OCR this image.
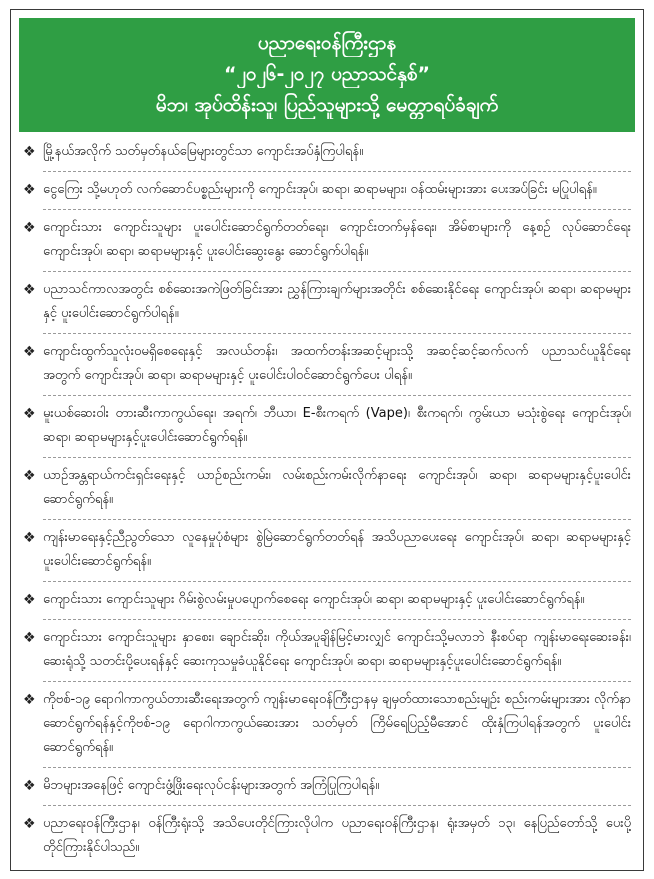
ပညာရေးဝန်ကြီးဌာန
“၂၀၂၆-၂၀၂၇ ပညာသင်နှစ်”
မိဘ၊ အုပ်ထိန်းသူ၊ ပြည်သူများသို့ မေတ္တာရပ်ခံချက်
❖ မြို့နယ်အလိုက် သတ်မှတ်နယ်မြေများတွင်သာ ကျောင်းအပ်နှံကြပါရန်။
❖ ငွေကြေး သို့မဟုတ် လက်ဆောင်ပစ္စည်းများကို ကျောင်းအုပ်၊ ဆရာ၊ ဆရာမများ၊ ဝန်ထမ်းများအား ပေးအပ်ခြင်း မပြုပါရန်။
❖ ကျောင်းသား ကျောင်းသူများ ပူးပေါင်းဆောင်ရွက်တတ်ရေး၊ ကျောင်းတက်မှန်ရေး၊ အိမ်စာများကို နေ့စဉ် လုပ်ဆောင်ရေး ကျောင်းအုပ်၊ ဆရာ၊ ဆရာမများနှင့် ပူးပေါင်းဆွေးနွေး ဆောင်ရွက်ပါရန်။
❖ ပညာသင်ကာလအတွင်း စစ်ဆေးအကဲဖြတ်ခြင်းအား ညွှန်ကြားချက်များအတိုင်း စစ်ဆေးနိုင်ရေး ကျောင်းအုပ်၊ ဆရာ၊ ဆရာမများနှင့် ပူးပေါင်းဆောင်ရွက်ပါရန်။
❖ ကျောင်းထွက်သူလုံးဝမရှိစေရေးနှင့် အလယ်တန်း၊ အထက်တန်းအဆင့်များသို့ အဆင့်ဆင့်ဆက်လက် ပညာသင်ယူနိုင်ရေးအတွက် ကျောင်းအုပ်၊ ဆရာ၊ ဆရာမများနှင့် ပူးပေါင်းပါဝင်ဆောင်ရွက်ပေး ပါရန်။
❖ မူးယစ်ဆေးဝါး တားဆီးကာကွယ်ရေး၊ အရက်၊ ဘီယာ၊ E-စီးကရက် (Vape)၊ စီးကရက်၊ ကွမ်းယာ မသုံးစွဲရေး ကျောင်းအုပ်၊ ဆရာ၊ ဆရာမများနှင့်ပူးပေါင်းဆောင်ရွက်ရန်။
❖ ယာဉ်အန္တရာယ်ကင်းရှင်းရေးနှင့် ယာဉ်စည်းကမ်း၊ လမ်းစည်းကမ်းလိုက်နာရေး ကျောင်းအုပ်၊ ဆရာ၊ ဆရာမများနှင့်ပူးပေါင်းဆောင်ရွက်ရန်။
❖ ကျန်းမာရေးနှင့်ညီညွတ်သော လူနေမှုပုံစံများ စွဲမြဲဆောင်ရွက်တတ်ရန် အသိပညာပေးရေး ကျောင်းအုပ်၊ ဆရာ၊ ဆရာမများနှင့်ပူးပေါင်းဆောင်ရွက်ရန်။
❖ ကျောင်းသား ကျောင်းသူများ ဂိမ်းစွဲလမ်းမှုပပျောက်စေရေး ကျောင်းအုပ်၊ ဆရာ၊ ဆရာမများနှင့် ပူးပေါင်းဆောင်ရွက်ရန်။
❖ ကျောင်းသား ကျောင်းသူများ နှာစေး၊ ချောင်းဆိုး၊ ကိုယ်အပူချိန်မြင့်မားလျှင် ကျောင်းသို့မလာဘဲ နီးစပ်ရာ ကျန်းမာရေးဆေးခန်း၊ ဆေးရုံသို့ သတင်းပို့ပေးရန်နှင့် ဆေးကုသမှုခံယူနိုင်ရေး ကျောင်းအုပ်၊ ဆရာ၊ ဆရာမများနှင့်ပူးပေါင်းဆောင်ရွက်ရန်။
❖ ကိုဗစ်-၁၉ ရောဂါကာကွယ်တားဆီးရေးအတွက် ကျန်းမာရေးဝန်ကြီးဌာနမှ ချမှတ်ထားသောစည်းမျဉ်း စည်းကမ်းများအား လိုက်နာဆောင်ရွက်ရန်နှင့်ကိုဗစ်-၁၉ ရောဂါကာကွယ်ဆေးအား သတ်မှတ် ကြိမ်ရေပြည့်မီအောင် ထိုးနှံကြပါရန်အတွက် ပူးပေါင်းဆောင်ရွက်ရန်။
❖ မိဘများအနေဖြင့် ကျောင်းဖွံ့ဖြိုးရေးလုပ်ငန်းများအတွက် အကြံပြုကြပါရန်။
❖ ပညာရေးဝန်ကြီးဌာန၊ ဝန်ကြီးရုံးသို့ အသိပေးတိုင်ကြားလိုပါက ပညာရေးဝန်ကြီးဌာန၊ ရုံးအမှတ် ၁၃၊ နေပြည်တော်သို့ ပေးပို့တိုင်ကြားနိုင်ပါသည်။
